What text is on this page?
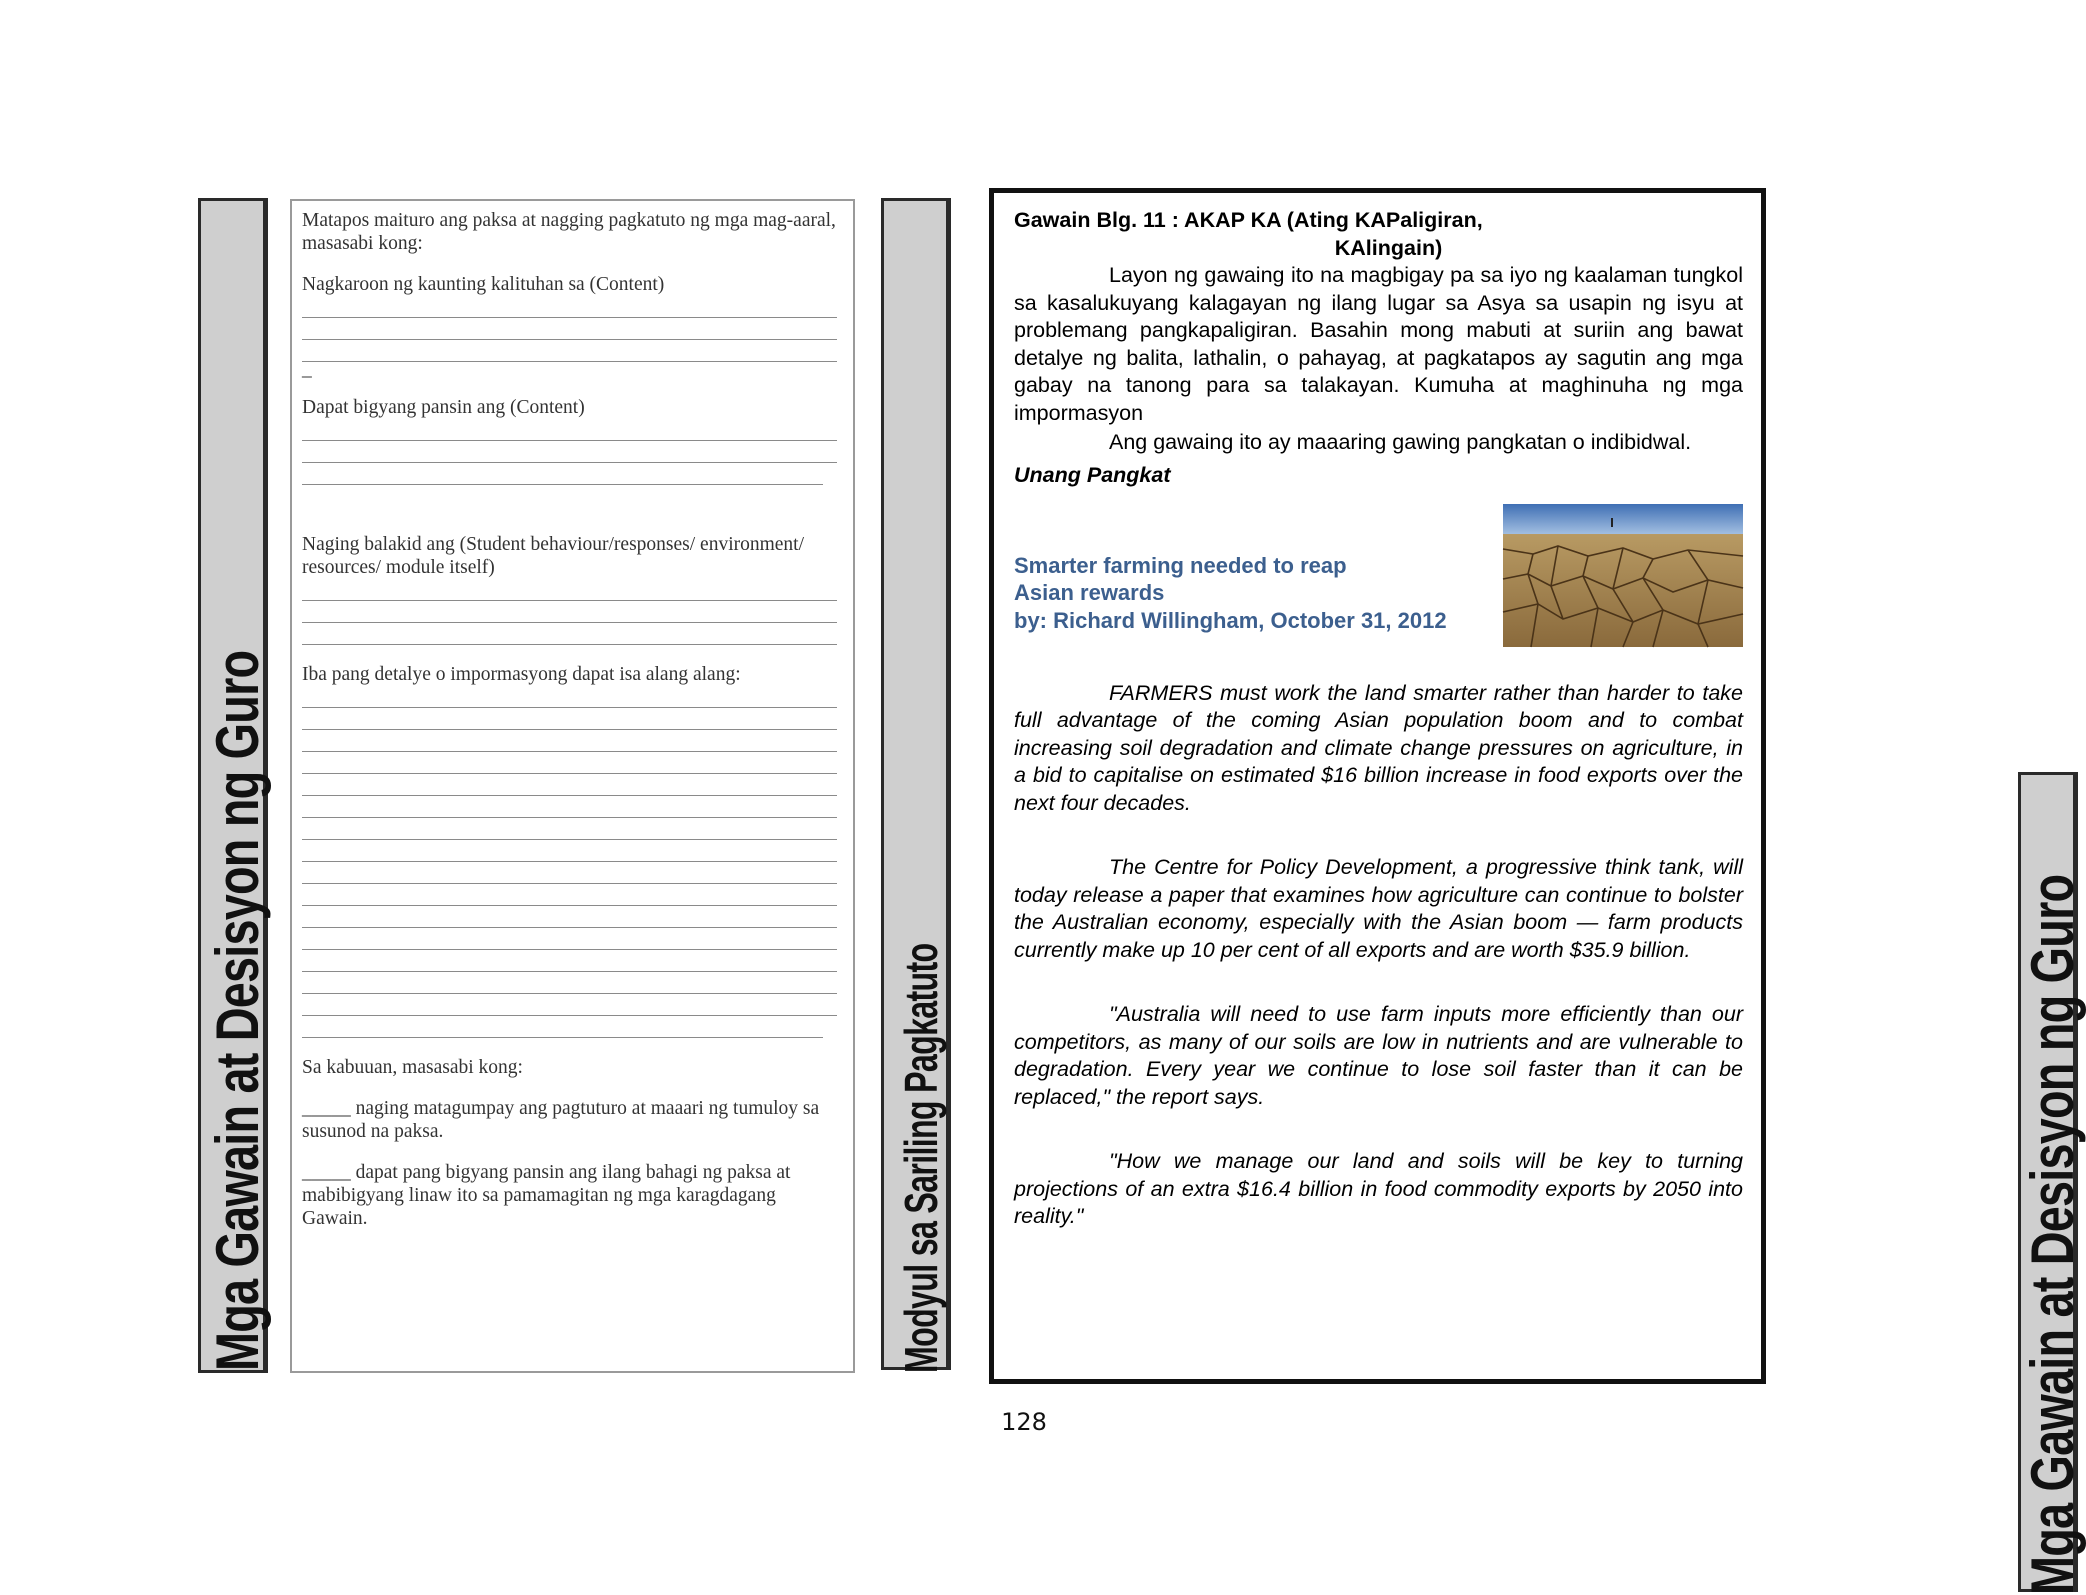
Mga Gawain at Desisyon ng Guro

Matapos maituro ang paksa at nagging pagkatuto ng mga mag-aaral, masasabi kong:

Nagkaroon ng kaunting kalituhan sa (Content)

_

Dapat bigyang pansin ang (Content)

Naging balakid ang (Student behaviour/responses/ environment/ resources/ module itself)

Iba pang detalye o impormasyong dapat isa alang alang:

Sa kabuuan, masasabi kong:

_____ naging matagumpay ang pagtuturo at maaari ng tumuloy sa susunod na paksa.

_____ dapat pang bigyang pansin ang ilang bahagi ng paksa at mabibigyang linaw ito sa pamamagitan ng mga karagdagang Gawain.	Modyul sa Sariling Pagkatuto

Gawain Blg. 11 : AKAP KA (Ating KAPaligiran,

KAlingain)

Layon ng gawaing ito na magbigay pa sa iyo ng kaalaman tungkol sa kasalukuyang kalagayan ng ilang lugar sa Asya sa usapin ng isyu at problemang pangkapaligiran. Basahin mong mabuti at suriin ang bawat detalye ng balita, lathalin, o pahayag, at pagkatapos ay sagutin ang mga gabay na tanong para sa talakayan. Kumuha at maghinuha ng mga impormasyon

Ang gawaing ito ay maaaring gawing pangkatan o indibidwal.

Unang Pangkat

Smarter farming needed to reap
Asian rewards
by: Richard Willingham, October 31, 2012

FARMERS must work the land smarter rather than harder to take full advantage of the coming Asian population boom and to combat increasing soil degradation and climate change pressures on agriculture, in a bid to capitalise on estimated $16 billion increase in food exports over the next four decades.

The Centre for Policy Development, a progressive think tank, will today release a paper that examines how agriculture can continue to bolster the Australian economy, especially with the Asian boom — farm products currently make up 10 per cent of all exports and are worth $35.9 billion.

"Australia will need to use farm inputs more efficiently than our competitors, as many of our soils are low in nutrients and are vulnerable to degradation. Every year we continue to lose soil faster than it can be replaced," the report says.

"How we manage our land and soils will be key to turning projections of an extra $16.4 billion in food commodity exports by 2050 into reality."	Mga Gawain at Desisyon ng Guro
128
